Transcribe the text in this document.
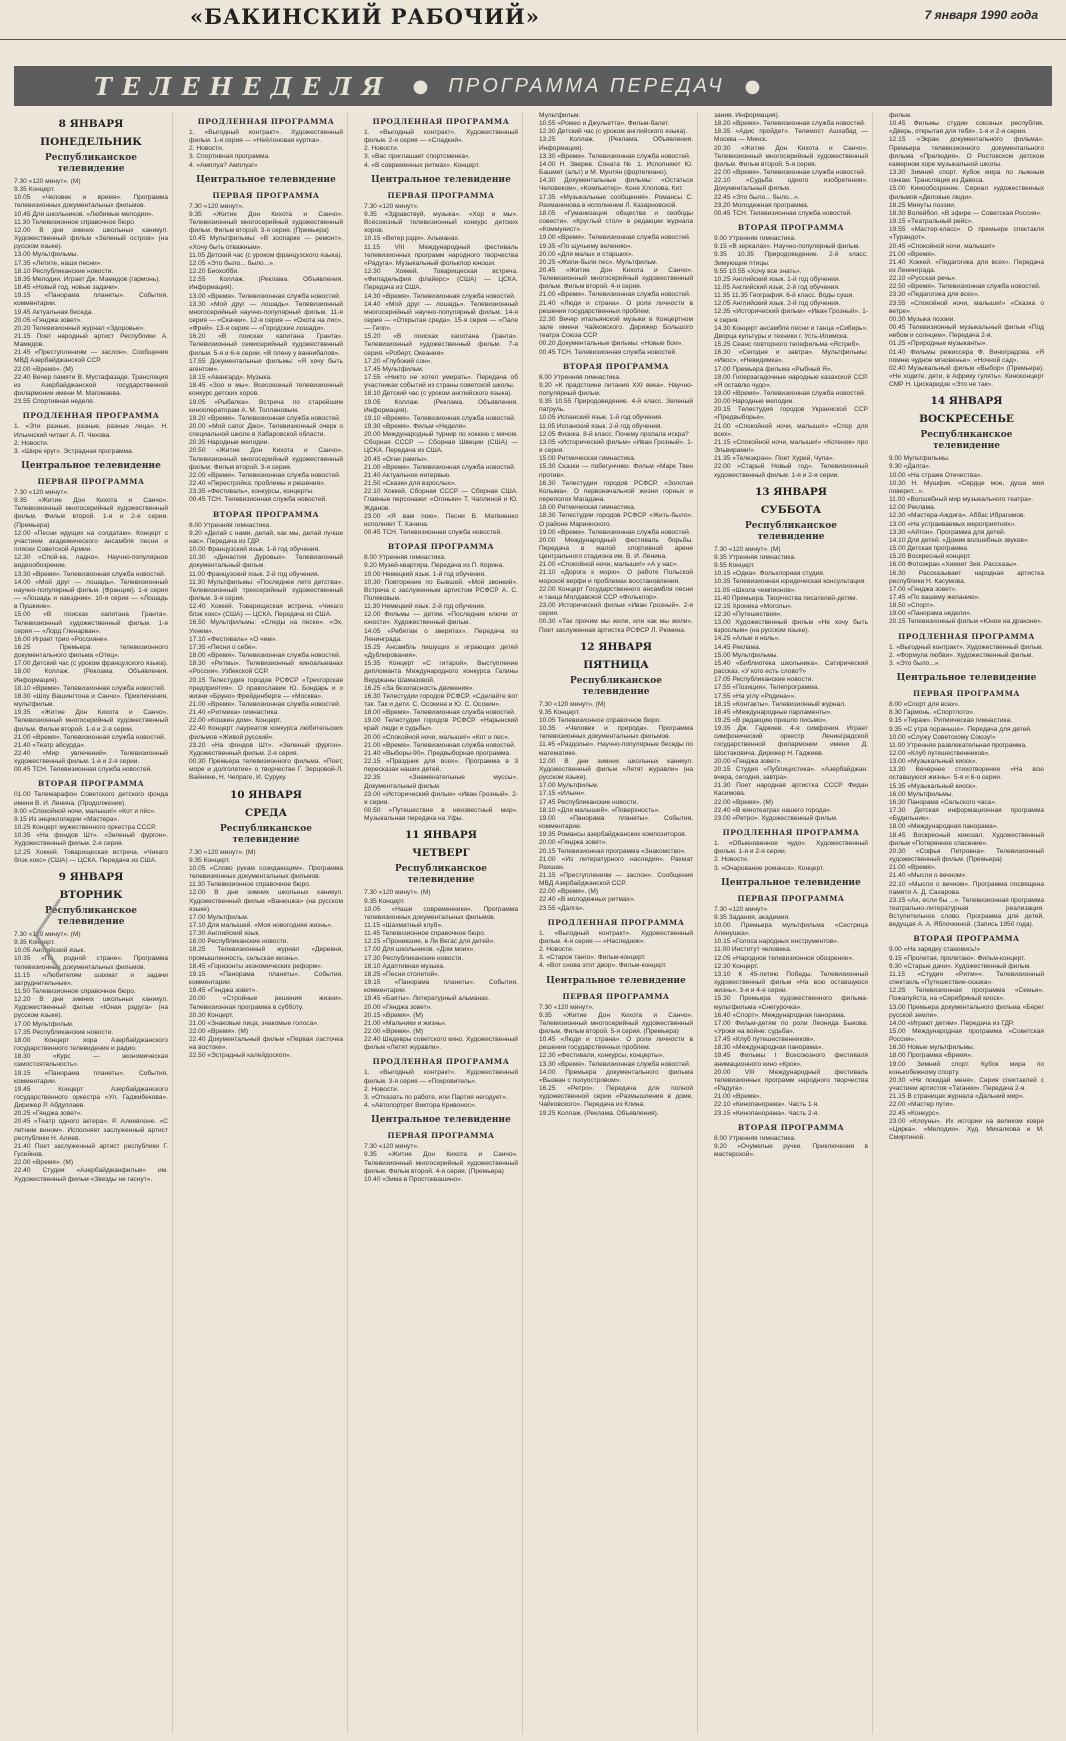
«БАКИНСКИЙ РАБОЧИЙ»	7 января 1990 года
ТЕЛЕНЕДЕЛЯ ● ПРОГРАММА ПЕРЕДАЧ ●
8 ЯНВАРЯ
ПОНЕДЕЛЬНИК
Республиканское телевидение
7.30 «120 минут». (М)
9.35 Концерт.
10.05 «Человек и время». Программа телевизионных документальных фильмов.
10.45 Для школьников. «Любимые мелодии».
11.30 Телевизионное справочное бюро.
12.00 В дни зимних школьных каникул. Художественный фильм «Зеленый остров» (на русском языке).
13.00 Мультфильмы.
17.35 «Летите, наши песни».
18.10 Республиканские новости.
18.35 Мелодии. Играет Дж. Мамедов (гармонь).
18.45 «Новый год, новые задачи».
19.15 «Панорама планеты». События, комментарии.
19.45 Актуальная беседа.
20.05 «Гянджа зовет».
20.20 Телевизионный журнал «Здоровье».
21.15 Поет народный артист Республики А. Мамедов.
21.45 «Преступлениям — заслон». Сообщения МВД Азербайджанской ССР.
22.00 «Время». (М)
22.40 Вечер памяти В. Мустафазаде. Трансляция из Азербайджанской государственной филармонии имени М. Магомаева.
23.55 Спортивная неделя.
ПРОДЛЕННАЯ ПРОГРАММА
1. «Эти разные, разные, разные лица». Н. Ильинский читает А. П. Чехова.
2. Новости.
3. «Шире круг». Эстрадная программа.
Центральное телевидение
ПЕРВАЯ ПРОГРАММА
7.30 «120 минут».
9.35 «Житие Дон Кихота и Санчо». Телевизионный многосерийный художественный фильм. Фильм второй. 1-я и 2-я серии. (Премьера)
12.00 «Песни идущих на солдатам». Концерт с участием академического ансамбля песни и пляски Советской Армии.
12.30 «Спой-ка, ладно». Научно-популярное видеообозрение.
13.30 «Время». Телевизионная служба новостей.
14.00 «Мой друг — лошадь». Телевизионный научно-популярный фильм. (Франция). 1-я серия — «Лошадь и наездник». 10-я серия — «Лошадь в Пушкине».
15.00 «В поисках капитана Гранта». Телевизионный художественный фильм. 1-я серия — «Лорд Гленарван».
16.00 Играет трио «Россияне».
16.25 Премьера телевизионного документального фильма «Отец».
17.00 Детский час (с уроком французского языка).
18.00 Коллаж. (Реклама. Объявления. Информация).
18.10 «Время». Телевизионная служба новостей.
18.30 «Шоу Вашингтона и Санчо». Приключения, мультфильм.
19.35 «Житие Дон Кихота и Санчо». Телевизионный многосерийный художественный фильм. Фильм второй. 1-я и 2-я серии.
21.00 «Время». Телевизионная служба новостей.
21.40 «Театр абсурда».
22.40 «Мир увлечений». Телевизионный художественный фильм. 1-я и 2-я серии.
00.45 ТСН. Телевизионная служба новостей.
ВТОРАЯ ПРОГРАММА
01.00 Телемарафон Советского детского фонда имени В. И. Ленина. (Продолжение).
9.00 «Спокойной ночи, малыши!» «Кот и пёс».
9.15 Из энциклопедии «Мастера».
10.25 Концерт мужественного оркестра СССР.
10.35 «На фондов Шт». «Зеленый фургон». Художественный фильм. 2-я серия.
12.25 Хоккей. Товарищеская встреча. «Чикаго блэк хокс» (США) — ЦСКА. Передача из США.
9 ЯНВАРЯ
ВТОРНИК
Республиканское телевидение
7.30 «120 минут». (М)
9.35 Концерт.
10.05 Английский язык.
10.35 «По родной стране». Программа телевизионных документальных фильмов.
11.15 «Любителям шахмат и задачи затруднительные».
11.50 Телевизионное справочное бюро.
12.20 В дни зимних школьных каникул. Художественный фильм «Юная радуга» (на русском языке).
17.00 Мультфильм.
17.35 Республиканские новости.
18.00 Концерт хора Азербайджанского государственного телевидения и радио.
18.30 «Курс — экономическая самостоятельность».
19.15 «Панорама планеты». События, комментарии.
19.45 Концерт Азербайджанского государственного оркестра «Ул. Гаджибекова». Дирижер Р. Абдуллаев.
20.25 «Гянджа зовет».
20.45 «Театр одного актера». Р. Алиевгюне. «С летним вином». Исполняет заслуженный артист республики Н. Алиев.
21.40 Поет заслуженный артист республики Г. Гусейнов.
22.00 «Время». (М)
22.40 Студия «Азербайджанфильм» им. Художественный фильм «Звезды не гаснут».
ПРОДЛЕННАЯ ПРОГРАММА
1. «Выгодный контракт». Художественный фильм. 1-я серия — «Нейлоновая куртка».
2. Новости.
3. Спортивная программа.
4. «Амплуа? Амплуа!»
Центральное телевидение
ПЕРВАЯ ПРОГРАММА
7.30 «120 минут».
9.35 «Житие Дон Кихота и Санчо». Телевизионный многосерийный художественный фильм. Фильм второй. 3-я серия. (Премьера)
10.45 Мультфильмы: «В зоопарке — ремонт», «Хочу быть отважным».
11.05 Детский час (с уроком французского языка).
12.05 «Это было... было...».
12.20 Биохобби.
12.55 Коллаж. (Реклама. Объявления. Информация).
13.00 «Время». Телевизионная служба новостей.
13.30 «Мой друг — лошадь». Телевизионный многосерийный научно-популярный фильм. 11-я серия — «Скачки». 12-я серия — «Охота на лис», «Фрей». 13-я серия — «Городские лошади».
16.20 «В поисках капитана Гранта». Телевизионный семисерийный художественный фильм. 5-я и 6-я серии. «В плену у ваннибалов».
17.55 Документальные фильмы: «Я хочу быть агентом».
18.15 «Авангард». Музыка.
18.45 «Зоо и мы». Всесоюзный телевизионный конкурс детских хоров.
19.05 «Рыбалка». Встреча по старейшим кинооператорам А. М. Толлановым.
19.20 «Время». Телевизионная служба новостей.
20.00 «Мой сапог Джо». Телевизионный очерк о специальной школе в Хабаровской области.
20.35 Народные мелодии.
20.50 «Житие Дон Кихота и Санчо». Телевизионный многосерийный художественный фильм. Фильм второй. 3-я серия.
22.00 «Время». Телевизионная служба новостей.
22.40 «Перестройка: проблемы и решения».
23.35 «Фестиваль», конкурсы, концерты.
00.45 ТСН. Телевизионная служба новостей.
ВТОРАЯ ПРОГРАММА
8.00 Утренняя гимнастика.
9.20 «Делай с нами, делай, как мы, делай лучше нас». Передача из ГДР.
10.00 Французский язык. 1-й год обучения.
10.30 «Династия Дуровых». Телевизионный документальный фильм.
11.00 Французский язык. 2-й год обучения.
11.30 Мультфильмы: «Последнее лето детства». Телевизионный трехсерийный художественный фильм. 3-я серия.
12.40 Хоккей. Товарищеская встреча. «Чикаго блэк хокс» (США) — ЦСКА. Передача из США.
16.50 Мультфильмы: «Следы на песке». «Эх, Ухнем».
17.10 «Фестиваль» «О чем».
17.35 «Песни о себе».
18.00 «Время». Телевизионная служба новостей.
18.30 «Ритмы». Телевизионный киноальманах «Россия». Узбекской ССР.
20.15 Телестудия городов РСФСР «Трехгорская предприятия». О православие Ю. Бондарь и о жизни «Бруно» Фрейденберге — «Москва».
21.00 «Время». Телевизионная служба новостей.
21.40 «Ритмика» гимнастика.
22.00 «Кошкин дом». Концерт.
22.40 Концерт лауреатов конкурса любительских фильмов «Живой русский».
23.20 «На фондов Шт». «Зеленый фургон». Художественный фильм. 2-я серия.
00.30 Премьера телевизионного фильма. «Поет, море и долголетие» о творчестве Г. Зерцовой-Л. Вайнене, Н. Чепраге, И. Суруку.
10 ЯНВАРЯ
СРЕДА
Республиканское телевидение
7.30 «120 минут». (М)
9.35 Концерт.
10.05 «Слово рукам созидающим». Программа телевизионных документальных фильмов.
11.30 Телевизионное справочное бюро.
12.00 В дни зимних школьных каникул. Художественный фильм «Ванюшка» (на русском языке).
17.00 Мультфильм.
17.10 Для малышей. «Моя новогодняя жизнь».
17.30 Английский язык.
18.00 Республиканские новости.
18.25 Телевизионный журнал «Деревня, промышленность, сельская жизнь».
18.45 «Горизонты экономических реформ».
19.15 «Панорама планеты». События, комментарии.
19.45 «Гянджа зовет».
20.00 «Стройные решения жизни». Телевизионная программа в субботу.
20.30 Концерт.
21.00 «Знаковые лица, знакомые голоса».
22.00 «Время». (М)
22.40 Документальный фильм «Первая ласточка на востоке».
22.50 «Эстрадный калейдоскоп».
ПРОДЛЕННАЯ ПРОГРАММА
1. «Выгодный контракт». Художественный фильм. 2-я серия — «Сладкий».
2. Новости.
3. «Вас приглашает спортсменка».
4. «В современных ритмах». Концерт.
Центральное телевидение
ПЕРВАЯ ПРОГРАММА
7.30 «120 минут».
9.35 «Здравствуй, музыка». «Хор и мы». Всесоюзный телевизионный конкурс детских хоров.
10.15 «Ветер рзди». Альманах.
11.15 VIII Международный фестиваль телевизионных программ народного творчества «Радуга». Музыкальный фольклор юноши.
12.30 Хоккей. Товарищеская встреча. «Филадельфия флайерс» (США) — ЦСКА. Передача из США.
14.30 «Время». Телевизионная служба новостей.
14.40 «Мой друг — лошадь». Телевизионный многосерийный научно-популярный фильм. 14-я серия — «Открытая среда». 15-я серия — «Пале — Гепп».
15.20 «В поисках капитана Гранта». Телевизионный художественный фильм. 7-я серия. «Роберт, Океания».
17.20 «Глубокий сон».
17.45 Мультфильм.
17.55 «Никто не хотел умирать». Передача об участниках событий из страны советской школы.
18.10 Детский час (с уроком английского языка).
19.05 Коллаж. (Реклама. Объявления. Информация).
19.10 «Время». Телевизионная служба новостей.
19.30 «Время». Фильм «Неделя».
20.00 Международный турнир по хоккею с мячом. Сборная СССР — Сборная Швеции (США) — ЦСКА. Передача из США.
20.45 «Огни рампы».
21.00 «Время». Телевизионная служба новостей.
21.40 Актуальное интервью.
21.50 «Сказки для взрослых».
22.10 Хоккей. Сборная СССР — Сборная США. Главные персонажи: «Огоньки» Т. Чаплиной и Ю. Жданов.
23.00 «Я вам пою». Песни В. Матвиенко исполняет Т. Хачина.
00.45 ТСН. Телевизионная служба новостей.
ВТОРАЯ ПРОГРАММА
8.00 Утренняя гимнастика.
9.20 Музей-квартира. Передача из П. Корина.
10.00 Немецкий язык. 1-й год обучения.
10.30 Повторение по Бывшей. «Мой звонкий». Встреча с заслуженным артистом РСФСР А. С. Поляковым.
11.30 Немецкий язык. 2-й год обучения.
12.00 Фильмы — детям. «Последние ключи от юности». Художественный фильм.
14.05 «Ребятам о зверятах». Передача из Ленинграда.
15.25 Ансамбль пишущих и играющих детей «Дублирования».
15.35 Концерт «С гитарой». Выступление дипломанта Международного конкурса Галины Верджаны Шамазовой.
16.25 «За безопасность движения».
16.30 Телестудии городов РСФСР. «Сделайте вот так. Так и дети. С. Осокина и Ю. С. Осокин».
18.00 «Время». Телевизионная служба новостей.
19.00 Телестудии городов РСФСР. «Нарынский край: люди и судьбы».
20.00 «Спокойной ночи, малыши!» «Кот и пес».
21.00 «Время». Телевизионная служба новостей.
21.40 «Выборы-90». Предвыборная программа.
22.15 «Праздник для всех». Программа в 3 пересказах наших детей.
22.35 «Знаменательные муссы». Документальный фильм.
23.00 «Исторический фильм» «Иван Грозный». 2-я серия.
00.50 «Путешествие в неизвестный мир». Музыкальная передача на Уфы.
11 ЯНВАРЯ
ЧЕТВЕРГ
Республиканское телевидение
7.30 «120 минут». (М)
9.35 Концерт.
10.05 «Наши современники». Программа телевизионных документальных фильмов.
11.15 «Шахматный клуб».
11.45 Телевизионное справочное бюро.
12.15 «Проникшие, в Ли Вегас для детей».
17.00 Для школьников. «Дом моих».
17.30 Республиканские новости.
18.10 Адаптивная музыка.
18.25 «Песни столетий».
19.15 «Панорама планеты». События, комментарии.
19.45 «Баяты». Литературный альманах.
20.00 «Гянджа зовет».
20.15 «Время». (М)
21.00 «Мальчики и жизнь».
22.00 «Время». (М)
22.40 Шедевры советского кино. Художественный фильм «Летят журавли».
ПРОДЛЕННАЯ ПРОГРАММА
1. «Выгодный контракт». Художественный фильм. 3-я серия — «Покровитель».
2. Новости.
3. «Отказать по работе, или Партия негодует».
4. «Автопортрет Виктора Кривонос».
Центральное телевидение
ПЕРВАЯ ПРОГРАММА
7.30 «120 минут».
9.35 «Житие Дон Кихота и Санчо». Телевизионный многосерийный художественный фильм. Фильм второй. 4-я серия. (Премьера)
10.40 «Зима в Простоквашино».
Мультфильм.
10.55 «Ромео и Джульетта». Фильм-балет.
12.30 Детский час (с уроком английского языка).
13.25 Коллаж. (Реклама. Объявления. Информация).
13.30 «Время». Телевизионная служба новостей.
14.00 Н. Зверев. Соната № 1. Исполняют Ю. Башмет (альт) и М. Мунтян (фортепиано).
14.30 Документальные фильмы: «Остаться Человеком», «Компьютер». Коня Хлопова, Кит.
17.35 «Музыкальные сообщения». Романсы С. Рахманинова в исполнении Л. Казарновской.
18.05 «Гуманизация общества и свободы совести». «Круглый стол» в редакции журнала «Коммунист».
19.00 «Время». Телевизионная служба новостей.
19.35 «По щучьему велению».
20.00 «Для малых и старших».
20.25 «Жили-были пес». Мультфильм.
20.45 «Житие Дон Кихота и Санчо». Телевизионный многосерийный художественный фильм. Фильм второй. 4-я серия.
21.00 «Время». Телевизионная служба новостей.
21.40 «Люди и страна». О роли личности в решении государственных проблем.
22.30 Вечер итальянской музыки в Концертном зале имени Чайковского. Дирижер Большого театра Союза ССР.
00.20 Документальные фильмы: «Новые бои».
00.45 ТСН. Телевизионная служба новостей.
ВТОРАЯ ПРОГРАММА
8.00 Утренняя гимнастика.
9.20 «К прадстоине питания XXI века». Научно-популярный фильм.
9.35 10.55 Природоведение. 4-й класс. Зеленый патруль.
10.05 Испанский язык. 1-й год обучения.
11.05 Испанский язык. 2-й год обучения.
12.05 Физика. 8-й класс. Почему пропала искра?
13.05 «Исторический фильм» «Иван Грозный». 1-я серия.
15.00 Ритмическая гимнастика.
15.30 Сказки — побегунчики. Фильм «Марк Твен против».
16.30 Телестудии городов РСФСР. «Золотая Колыма». О первоначальной жизни горных и переполох Магадана.
18.00 Ритмическая гимнастика.
18.30 Телестудии городов РСФСР «Жить-было». О районе Мариинского.
19.00 «Время». Телевизионная служба новостей.
20.00 Международный фестиваль борьбы. Передача в малой спортивной арене Центрального стадиона им. В. И. Ленина.
21.00 «Спокойной ночи, малыши!» «А у нас».
21.10 «Дорога к морю». О работе Польской морской верфи и проблемах восстановления.
22.00 Концерт Государственного ансамбля песни и танца Молдавской ССР «Фольклор».
23.00 Исторический фильм «Иван Грозный». 2-я серия.
00.30 «Так прочим мы жили, или как мы жили». Поет заслуженная артистка РСФСР Л. Рюмина.
12 ЯНВАРЯ
ПЯТНИЦА
Республиканское телевидение
7.30 «120 минут». (М)
9.35 Концерт.
10.05 Телевизионное справочное бюро.
10.35 «Человек и природа». Программа телевизионных документальных фильмов.
11.45 «Раздолье». Научно-популярные беседы по математике.
12.00 В дни зимних школьных каникул. Художественный фильм «Летят журавли» (на русском языке).
17.00 Мультфильм.
17.15 «Ильин».
17.45 Республиканские новости.
18.10 «Для малышей». «Поверхность».
19.00 «Панорама планеты». События, комментарии.
19.35 Романсы азербайджанских композиторов.
20.00 «Гянджа зовет».
20.15 Телевизионная программа «Знакомство».
21.00 «Из литературного наследия». Рахмат Рахшан.
21.15 «Преступлениям — заслон». Сообщения МВД Азербайджанской ССР.
22.00 «Время». (М)
22.40 «В молодежных ритмах».
23.55 «Далга».
ПРОДЛЕННАЯ ПРОГРАММА
1. «Выгодный контракт». Художественный фильм. 4-я серия — «Наследник».
2. Новости.
3. «Старое танго». Фильм-концерт.
4. «Вот снова этот двор». Фильм-концерт.
Центральное телевидение
ПЕРВАЯ ПРОГРАММА
7.30 «120 минут».
9.35 «Житие Дон Кихота и Санчо». Телевизионный многосерийный художественный фильм. Фильм второй. 5-я серия. (Премьера)
10.45 «Люди и страна». О роли личности в решении государственных проблем.
12.30 «Фестивали, конкурсы, концерты».
13.30 «Время». Телевизионная служба новостей.
14.00 Премьера документального фильма «Вызван с полуостровом».
16.25 «Ретро». Передача для полной художественной серии «Размышления в доме, Чайковского». Передача из Клина.
19.25 Коллаж. (Реклама. Объявления).
зания. Информация).
18.20 «Время». Телевизионная служба новостей.
18.35 «Адис пройдет». Телемост Ашхабад — Москва — Минск.
20.30 «Житие Дон Кихота и Санчо». Телевизионный многосерийный художественный фильм. Фильм второй. 5-я серия.
22.00 «Время». Телевизионная служба новостей.
22.10 «Судьба одного изобретения». Документальный фильм.
22.45 «Это было... было...».
23.20 Молодежная программа.
00.45 ТСН. Телевизионная служба новостей.
ВТОРАЯ ПРОГРАММА
9.00 Утренняя гимнастика.
9.15 «В зеркалах». Научно-популярный фильм.
9.35 10.35 Природоведение. 2-й класс. Зимующие птицы.
9.55 10.55 «Хочу все знать».
10.25 Английский язык. 1-й год обучения.
11.05 Английский язык. 2-й год обучения.
11.35 11.35 География. 6-й класс. Воды суши.
12.05 Английский язык. 2-й год обучения.
12.35 «Исторический фильм» «Иван Грозный». 1-я серия.
14.30 Концерт ансамбля песни и танца «Сибирь». Дворца культуры и техники г. Усть-Илимска.
15.25 Сеанс повторного телефильма «Ястреб».
16.30 «Сегодня и завтра». Мультфильмы: «Ивос», «Невидимка».
17.00 Премьера фильма «Рыбный Я».
18.00 Гиперзагадочные народные казахской ССР. «Я оставлю чудо».
19.00 «Время». Телевизионная служба новостей.
20.00 Народные мелодии.
20.15 Телестудия городов Украинской ССР «Предвыборье».
21.00 «Спокойной ночи, малыши!» «Спор для всех».
21.15 «Спокойной ночи, малыши!» «Котенок» про Эльвирами!»
21.35 «Телеэкран». Поет Хурей, Чупа».
22.00 «Старый Новый год». Телевизионный художественный фильм. 1-я и 2-я серии.
13 ЯНВАРЯ
СУББОТА
Республиканское телевидение
7.30 «120 минут». (М)
9.35 Утренняя гимнастика.
9.55 Концерт.
10.15 «Одиа». Фольклорная студия.
10.35 Телевизионная юридическая консультация.
11.05 «Школа чемпионов».
11.40 Премьера. Творчества писателей-детям.
12.15 Хроника «Моголы».
12.30 «Путешествия».
13.00 Художественный фильм «Не хочу быть взрослым» (на русском языке).
14.25 «Алые и ноль».
14.45 Реклама.
15.00 Мультфильмы.
15.40 «Библиотека школьника». Сатирический рассказ. «У кого есть слово?»
17.05 Республиканские новости.
17.55 «Позиция». Телепрограмма.
17.55 «На углу «Родина»».
18.15 «Контакты». Телевизионный журнал.
18.45 «Международные парламенты».
19.25 «В редакцию пришло письмо».
19.35 Дж. Гаджиев. 4-я симфония. Играет симфонический оркестр Ленинградской государственной филармонии имени Д. Шостаковича. Дирижер Н. Гаджиев.
20.00 «Гянджа зовет».
20.15 Студия «Публицистика». «Азербайджан: вчера, сегодня, завтра».
21.30 Поет народная артистка СССР Фидан Касимова.
22.00 «Время». (М)
22.40 «В кинотеатрах нашего города».
23.00 «Ретро». Художественный фильм.
ПРОДЛЕННАЯ ПРОГРАММА
1. «Обыкновенное чудо». Художественный фильм. 1-я и 2-я серии.
2. Новости.
3. «Очарование романса». Концерт.
Центральное телевидение
ПЕРВАЯ ПРОГРАММА
7.30 «120 минут».
9.35 Задания, академия.
10.00 Премьера мультфильма «Сестрица Аленушка».
10.15 «Голоса народных инструментов».
11.00 Институт человека.
12.05 «Народное телевизионное обозрение».
12.30 Концерт.
13.10 К 45-летию Победы. Телевизионный художественный фильм «На всю оставшуюся жизнь». 3-я и 4-я серии.
15.30 Премьера художественного фильма-мультфильма «Снегурочка».
16.40 «Спорт». Международная панорама.
17.00 Фильм-детям по роли Леонида Быкова. «Уроки на войне: судьба».
17.45 «Клуб путешественников».
18.30 «Международная панорама».
19.45 Фильмы I Всесоюзного фестиваля анимационного кино «Крок».
20.00 VIII Международный фестиваль телевизионных программ народного творчества «Радуга».
21.00 «Время».
22.10 «Кинопанорама». Часть 1-я.
23.15 «Кинопанорама». Часть 2-я.
ВТОРАЯ ПРОГРАММА
8.00 Утренняя гимнастика.
9.20 «Очумелые ручки. Приключения в мастерской».
фильм.
10.45 Фильмы студии союзных республик. «Дверь, открытая для тебя». 1-я и 2-я серии.
12.15 «Экран документального фильма». Премьера телевизионного документального фильма «Прелюдия». О Ростовском детском камерном хоре музыкальной школы.
13.30 Зимний спорт. Кубок мира по лыжным гонкам. Трансляция из Давоса.
15.00 Кинообозрение. Сериал художественных фильмов «Деловые люди».
18.25 Минуты поэзии.
18.30 Волейбол. «В эфире — Советская Россия».
19.15 «Театральный рейс».
19.55 «Мастер-класс». О премьере спектакля «Турандот».
20.45 «Спокойной ночи, малыши!»
21.00 «Время».
21.40 Хоккей. «Педагогика для всех». Передача из Ленинграда.
22.10 «Русская речь».
22.50 «Время». Телевизионная служба новостей.
23.30 «Педагогика для всех».
23.55 «Спокойной ночи, малыши!» «Сказка о ветре».
00.30 Музыка поэзии.
00.45 Телевизионный музыкальный фильм «Под небом и солнцем». Передача 2-я.
01.25 «Природные музыканты».
01.40 Фильмы режиссера Ф. Виноградова. «Я помню чудное мгновенье». «Ночной сад».
02.40 Музыкальный фильм «Выбор» (Премьера). «Не ходите, дети, в Африку гулять». Киноконцерт СМР Н. Цискаридзе «Это не так».
14 ЯНВАРЯ
ВОСКРЕСЕНЬЕ
Республиканское телевидение
9.00 Мультфильмы.
9.30 «Далга».
10.00 «На страже Отечества».
10.30 Н. Мушфик. «Сердце мое, душа моя поверит...».
11.00 «Волшебный мир музыкального театра».
12.00 Реклама.
12.30 «Мастера-Аждига». Аббас Ибрагимов.
13.00 «На устраиваемых мероприятиях».
13.30 «Айтон». Программа для детей.
14.10 Для детей. «Домик волшебных звуков».
15.00 Детская программа.
15.20 Воскресный концерт.
16.00 Фотоэкран «Хикмет Зия. Рассказы».
16.30 Рассказывает народная артистка республики Н. Касумова.
17.00 «Гянджа зовет».
17.45 «По вашему желанию».
18.50 «Спорт».
19.00 «Панорама недели».
20.15 Телевизионный фильм «Юное на драконе».
ПРОДЛЕННАЯ ПРОГРАММА
1. «Выгодный контракт». Художественный фильм.
2. «Формула любви». Художественный фильм.
3. «Это было...».
Центральное телевидение
ПЕРВАЯ ПРОГРАММА
8.00 «Спорт для всех».
8.30 Гармонь. «Спортлото».
9.15 «Тираж». Ритмическая гимнастика.
9.35 «С утра пораньше». Передача для детей.
10.00 «Служу Советскому Союзу!»
11.00 Утренняя развлекательная программа.
12.00 «Клуб путешественников».
13.00 «Музыкальный киоск».
13.30 Вечернее стихотворение «На всю оставшуюся жизнь». 5-я и 6-я серии.
15.35 «Музыкальный киоск».
16.00 Мультфильмы.
16.30 Панорама «Сельского часа».
17.30 Детская информационная программа «Будильник».
18.00 «Международная панорама».
18.45 Воскресный кинозал. Художественный фильм «Потерянное спасение».
20.30 «Софья Петровна». Телевизионный художественный фильм. (Премьера)
21.00 «Время».
21.40 «Мысли о вечном».
22.10 «Мысли о вечном». Программа посвящена памяти А. Д. Сахарова.
23.15 «Ах, если бы ...». Телевизионная программа театрально-литературная реализация. Вступительное слово. Программа для детей, ведущая А. А. Яблочкиной. (Запись 1950 года).
ВТОРАЯ ПРОГРАММА
9.00 «На зарядку становись!»
9.15 «Пролетая, пролетаю». Фильм-концерт.
9.30 «Старые дачи». Художественный фильм.
11.15 «Студия «Ритм»». Телевизионный спектакль «Путешествие-сказка».
12.25 Телевизионная программа «Семья». Пожалуйста, на «Серебряный киоск».
13.00 Премьера документального фильма «Берег русской земли».
14.00 «Играют детям». Передача из ГДР.
15.00 Международная программа «Советская Россия».
16.30 Новые мультфильмы.
18.00 Программа «Время».
19.00 Зимний спорт. Кубок мира по конькобежному спорту.
20.30 «Не покидай меня». Серия спектаклей с участием артистов «Таганки». Передача 2-я.
21.15 В страницах журнала «Дальний мир».
22.00 «Мастер пути».
22.45 «Конкурс».
23.00 «Клоуны». Их истории на великом ковре «Цирка». «Мелодии». Худ. Михалкова и М. Смиртиной.
